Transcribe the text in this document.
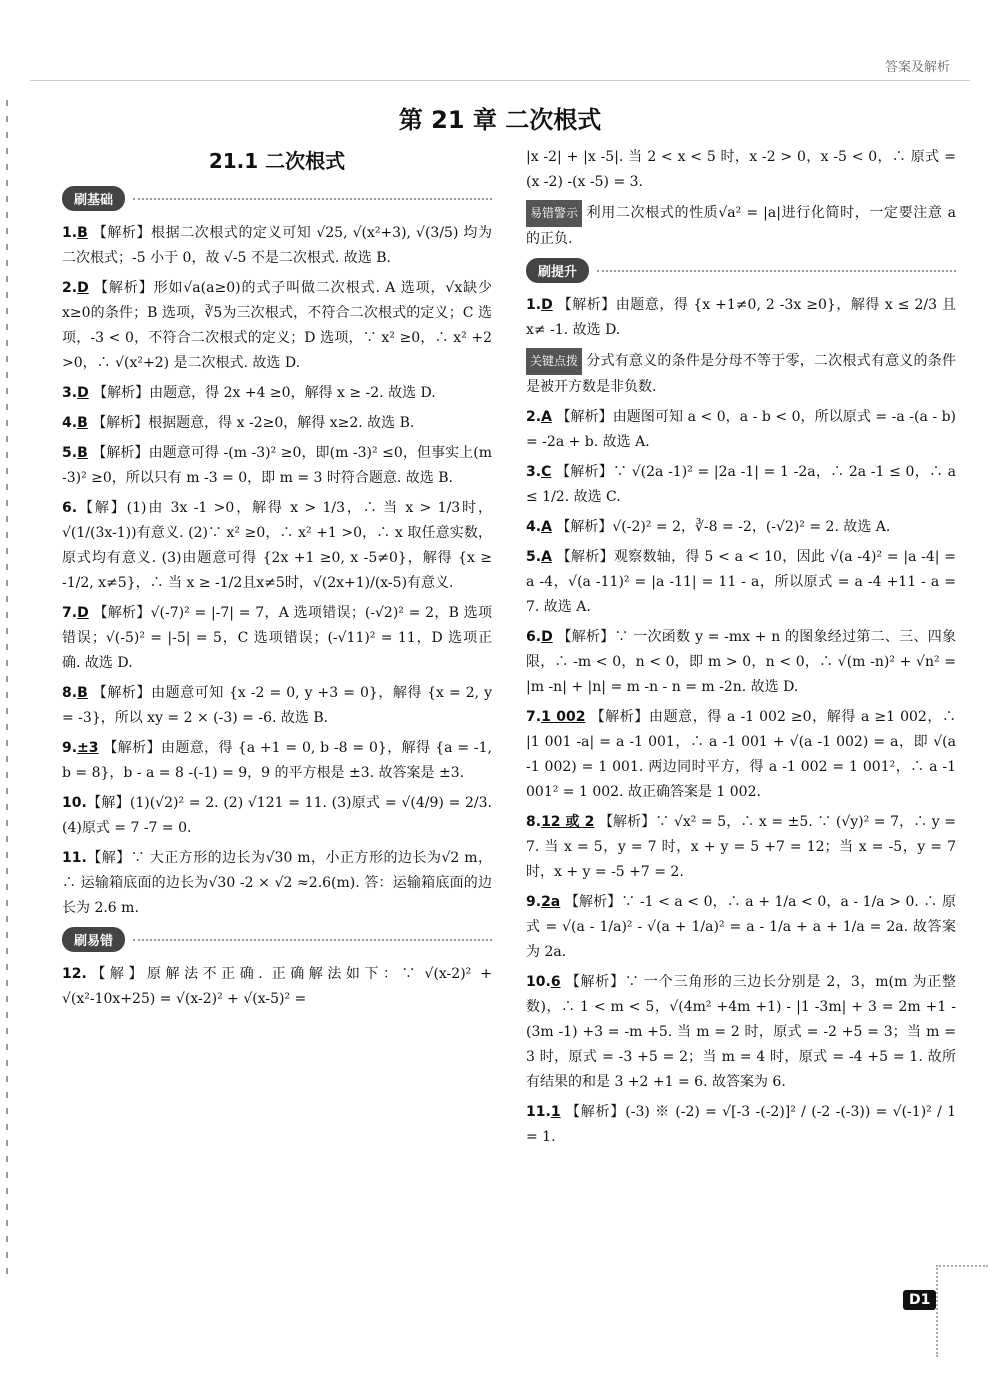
答案及解析
第 21 章 二次根式
21.1 二次根式
刷基础

1.B 【解析】根据二次根式的定义可知 √25, √(x²+3), √(3/5) 均为二次根式；-5 小于 0，故 √-5 不是二次根式. 故选 B.

2.D 【解析】形如√a(a≥0)的式子叫做二次根式. A 选项，√x缺少x≥0的条件；B 选项，∛5为三次根式，不符合二次根式的定义；C 选项，-3 < 0，不符合二次根式的定义；D 选项，∵ x² ≥0，∴ x² +2 >0，∴ √(x²+2) 是二次根式. 故选 D.

3.D 【解析】由题意，得 2x +4 ≥0，解得 x ≥ -2. 故选 D.

4.B 【解析】根据题意，得 x -2≥0，解得 x≥2. 故选 B.

5.B 【解析】由题意可得 -(m -3)² ≥0，即(m -3)² ≤0，但事实上(m -3)² ≥0，所以只有 m -3 = 0，即 m = 3 时符合题意. 故选 B.

6.【解】(1)由 3x -1 >0，解得 x > 1/3，∴ 当 x > 1/3时，√(1/(3x-1))有意义. (2)∵ x² ≥0，∴ x² +1 >0，∴ x 取任意实数，原式均有意义. (3)由题意可得 {2x +1 ≥0, x -5≠0}，解得 {x ≥ -1/2, x≠5}，∴ 当 x ≥ -1/2且x≠5时，√(2x+1)/(x-5)有意义.

7.D 【解析】√(-7)² = |-7| = 7，A 选项错误；(-√2)² = 2，B 选项错误；√(-5)² = |-5| = 5，C 选项错误；(-√11)² = 11，D 选项正确. 故选 D.

8.B 【解析】由题意可知 {x -2 = 0, y +3 = 0}，解得 {x = 2, y = -3}，所以 xy = 2 × (-3) = -6. 故选 B.

9.±3 【解析】由题意，得 {a +1 = 0, b -8 = 0}，解得 {a = -1, b = 8}，b - a = 8 -(-1) = 9，9 的平方根是 ±3. 故答案是 ±3.

10.【解】(1)(√2)² = 2. (2) √121 = 11. (3)原式 = √(4/9) = 2/3. (4)原式 = 7 -7 = 0.

11.【解】∵ 大正方形的边长为√30 m，小正方形的边长为√2 m，∴ 运输箱底面的边长为√30 -2 × √2 ≈2.6(m). 答：运输箱底面的边长为 2.6 m.

刷易错

12.【解】原解法不正确. 正确解法如下：∵ √(x-2)² + √(x²-10x+25) = √(x-2)² + √(x-5)² =

|x -2| + |x -5|. 当 2 < x < 5 时，x -2 > 0，x -5 < 0，∴ 原式 = (x -2) -(x -5) = 3.

易错警示 利用二次根式的性质√a² = |a|进行化简时，一定要注意 a 的正负.

刷提升

1.D 【解析】由题意，得 {x +1≠0, 2 -3x ≥0}，解得 x ≤ 2/3 且 x≠ -1. 故选 D.

关键点拨 分式有意义的条件是分母不等于零，二次根式有意义的条件是被开方数是非负数.

2.A 【解析】由题图可知 a < 0，a - b < 0，所以原式 = -a -(a - b) = -2a + b. 故选 A.

3.C 【解析】∵ √(2a -1)² = |2a -1| = 1 -2a，∴ 2a -1 ≤ 0，∴ a ≤ 1/2. 故选 C.

4.A 【解析】√(-2)² = 2，∛-8 = -2，(-√2)² = 2. 故选 A.

5.A 【解析】观察数轴，得 5 < a < 10，因此 √(a -4)² = |a -4| = a -4，√(a -11)² = |a -11| = 11 - a，所以原式 = a -4 +11 - a = 7. 故选 A.

6.D 【解析】∵ 一次函数 y = -mx + n 的图象经过第二、三、四象限，∴ -m < 0，n < 0，即 m > 0，n < 0，∴ √(m -n)² + √n² = |m -n| + |n| = m -n - n = m -2n. 故选 D.

7.1 002 【解析】由题意，得 a -1 002 ≥0，解得 a ≥1 002，∴ |1 001 -a| = a -1 001，∴ a -1 001 + √(a -1 002) = a，即 √(a -1 002) = 1 001. 两边同时平方，得 a -1 002 = 1 001²，∴ a -1 001² = 1 002. 故正确答案是 1 002.

8.12 或 2 【解析】∵ √x² = 5，∴ x = ±5. ∵ (√y)² = 7，∴ y = 7. 当 x = 5，y = 7 时，x + y = 5 +7 = 12；当 x = -5，y = 7 时，x + y = -5 +7 = 2.

9.2a 【解析】∵ -1 < a < 0，∴ a + 1/a < 0，a - 1/a > 0. ∴ 原式 = √(a - 1/a)² - √(a + 1/a)² = a - 1/a + a + 1/a = 2a. 故答案为 2a.

10.6 【解析】∵ 一个三角形的三边长分别是 2，3，m(m 为正整数)，∴ 1 < m < 5，√(4m² +4m +1) - |1 -3m| + 3 = 2m +1 -(3m -1) +3 = -m +5. 当 m = 2 时，原式 = -2 +5 = 3；当 m = 3 时，原式 = -3 +5 = 2；当 m = 4 时，原式 = -4 +5 = 1. 故所有结果的和是 3 +2 +1 = 6. 故答案为 6.

11.1 【解析】(-3) ※ (-2) = √[-3 -(-2)]² / (-2 -(-3)) = √(-1)² / 1 = 1.

D1
